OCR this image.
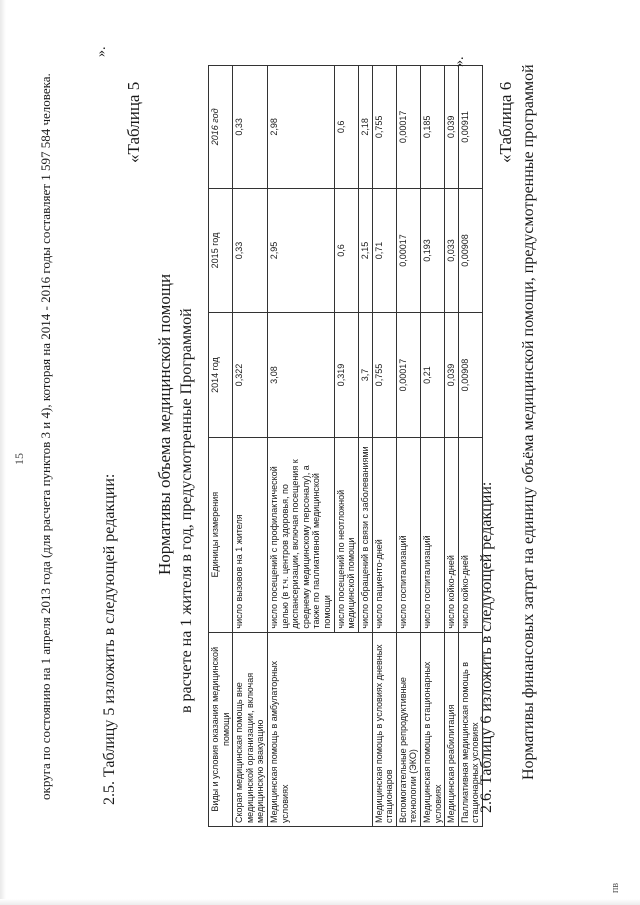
15 округа по состоянию на 1 апреля 2013 года (для расчета пунктов 3 и 4), которая на 2014 - 2016 годы составляет 1 597 584 человека.
».
2.5. Таблицу 5 изложить в следующей редакции:
«Таблица 5
Нормативы объема медицинской помощи в расчете на 1 жителя в год, предусмотренные Программой
Виды и условия оказания медицинской помощи	Единицы измерения	2014 год	2015 год	2016 год
Скорая медицинская помощь вне медицинской организации, включая медицинскую эвакуацию	число вызовов на 1 жителя	0,322	0,33	0,33
Медицинская помощь в амбулаторных условиях	число посещений с профилактической целью (в т.ч. центров здоровья, по диспансеризации, включая посещения к среднему медицинскому персоналу), а также по паллиативной медицинской помощи	3,08	2,95	2,98
	число посещений по неотложной медицинской помощи	0,319	0,6	0,6
	число обращений в связи с заболеваниями	3,7	2,15	2,18
Медицинская помощь в условиях дневных стационаров	число пациенто-дней	0,755	0,71	0,755
Вспомогательные репродуктивные технологии (ЭКО)	число госпитализаций	0,00017	0,00017	0,00017
Медицинская помощь в стационарных условиях	число госпитализаций	0,21	0,193	0,185
Медицинская реабилитация	число койко-дней	0,039	0,033	0,039
Паллиативная медицинская помощь в стационарных условиях	число койко-дней	0,00908	0,00908	0,00911
».
2.6. Таблицу 6 изложить в следующей редакции:
«Таблица 6 Нормативы финансовых затрат на единицу объёма медицинской помощи, предусмотренные программой
пв
